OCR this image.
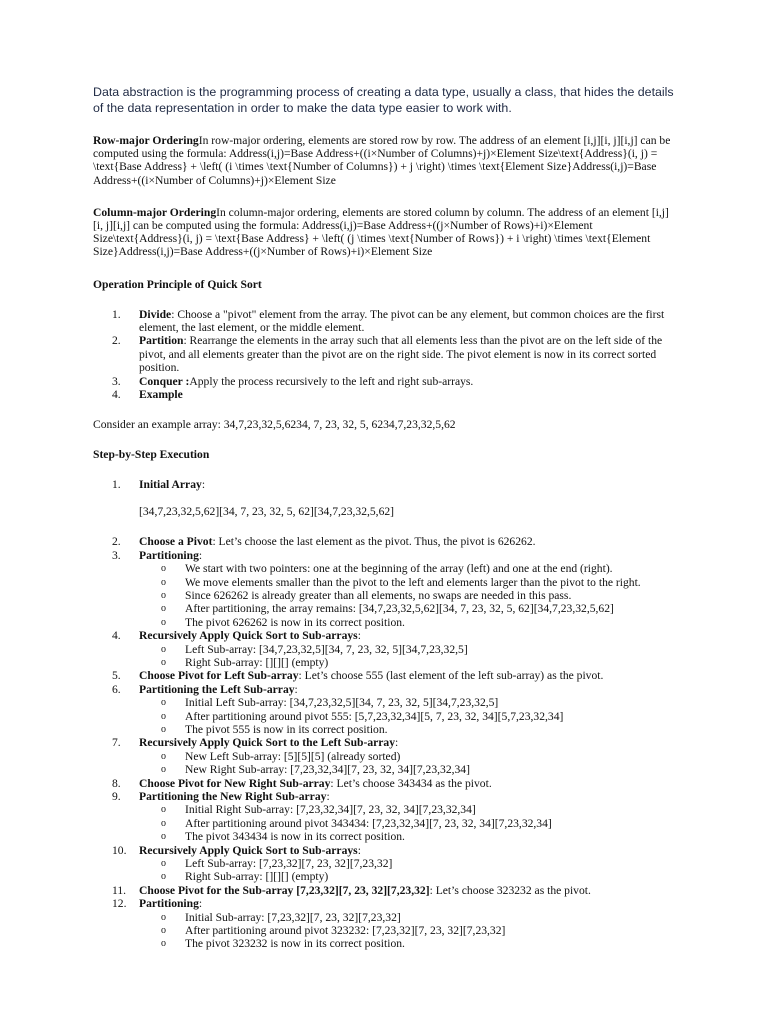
Data abstraction is the programming process of creating a data type, usually a class, that hides the details of the data representation in order to make the data type easier to work with.

Row-major OrderingIn row-major ordering, elements are stored row by row. The address of an element [i,j][i, j][i,j] can be computed using the formula: Address(i,j)=Base Address+((i×Number of Columns)+j)×Element Size\text{Address}(i, j) = \text{Base Address} + \left( (i \times \text{Number of Columns}) + j \right) \times \text{Element Size}Address(i,j)=Base Address+((i×Number of Columns)+j)×Element Size

Column-major OrderingIn column-major ordering, elements are stored column by column. The address of an element [i,j][i, j][i,j] can be computed using the formula: Address(i,j)=Base Address+((j×Number of Rows)+i)×Element Size\text{Address}(i, j) = \text{Base Address} + \left( (j \times \text{Number of Rows}) + i \right) \times \text{Element Size}Address(i,j)=Base Address+((j×Number of Rows)+i)×Element Size

Operation Principle of Quick Sort

1.	Divide: Choose a "pivot" element from the array. The pivot can be any element, but common choices are the first element, the last element, or the middle element.
2.	Partition: Rearrange the elements in the array such that all elements less than the pivot are on the left side of the pivot, and all elements greater than the pivot are on the right side. The pivot element is now in its correct sorted position.
3.	Conquer :Apply the process recursively to the left and right sub-arrays.
4.	Example

Consider an example array: 34,7,23,32,5,6234, 7, 23, 32, 5, 6234,7,23,32,5,62

Step-by-Step Execution

1.	Initial Array:
[34,7,23,32,5,62][34, 7, 23, 32, 5, 62][34,7,23,32,5,62]
2.	Choose a Pivot: Let’s choose the last element as the pivot. Thus, the pivot is 626262.
3.	Partitioning:
o We start with two pointers: one at the beginning of the array (left) and one at the end (right).
o We move elements smaller than the pivot to the left and elements larger than the pivot to the right.
o Since 626262 is already greater than all elements, no swaps are needed in this pass.
o After partitioning, the array remains: [34,7,23,32,5,62][34, 7, 23, 32, 5, 62][34,7,23,32,5,62]
o The pivot 626262 is now in its correct position.
4.	Recursively Apply Quick Sort to Sub-arrays:
o Left Sub-array: [34,7,23,32,5][34, 7, 23, 32, 5][34,7,23,32,5]
o Right Sub-array: [][][] (empty)
5.	Choose Pivot for Left Sub-array: Let’s choose 555 (last element of the left sub-array) as the pivot.
6.	Partitioning the Left Sub-array:
o Initial Left Sub-array: [34,7,23,32,5][34, 7, 23, 32, 5][34,7,23,32,5]
o After partitioning around pivot 555: [5,7,23,32,34][5, 7, 23, 32, 34][5,7,23,32,34]
o The pivot 555 is now in its correct position.
7.	Recursively Apply Quick Sort to the Left Sub-array:
o New Left Sub-array: [5][5][5] (already sorted)
o New Right Sub-array: [7,23,32,34][7, 23, 32, 34][7,23,32,34]
8.	Choose Pivot for New Right Sub-array: Let’s choose 343434 as the pivot.
9.	Partitioning the New Right Sub-array:
o Initial Right Sub-array: [7,23,32,34][7, 23, 32, 34][7,23,32,34]
o After partitioning around pivot 343434: [7,23,32,34][7, 23, 32, 34][7,23,32,34]
o The pivot 343434 is now in its correct position.
10.	Recursively Apply Quick Sort to Sub-arrays:
o Left Sub-array: [7,23,32][7, 23, 32][7,23,32]
o Right Sub-array: [][][] (empty)
11.	Choose Pivot for the Sub-array [7,23,32][7, 23, 32][7,23,32]: Let’s choose 323232 as the pivot.
12.	Partitioning:
o Initial Sub-array: [7,23,32][7, 23, 32][7,23,32]
o After partitioning around pivot 323232: [7,23,32][7, 23, 32][7,23,32]
o The pivot 323232 is now in its correct position.
